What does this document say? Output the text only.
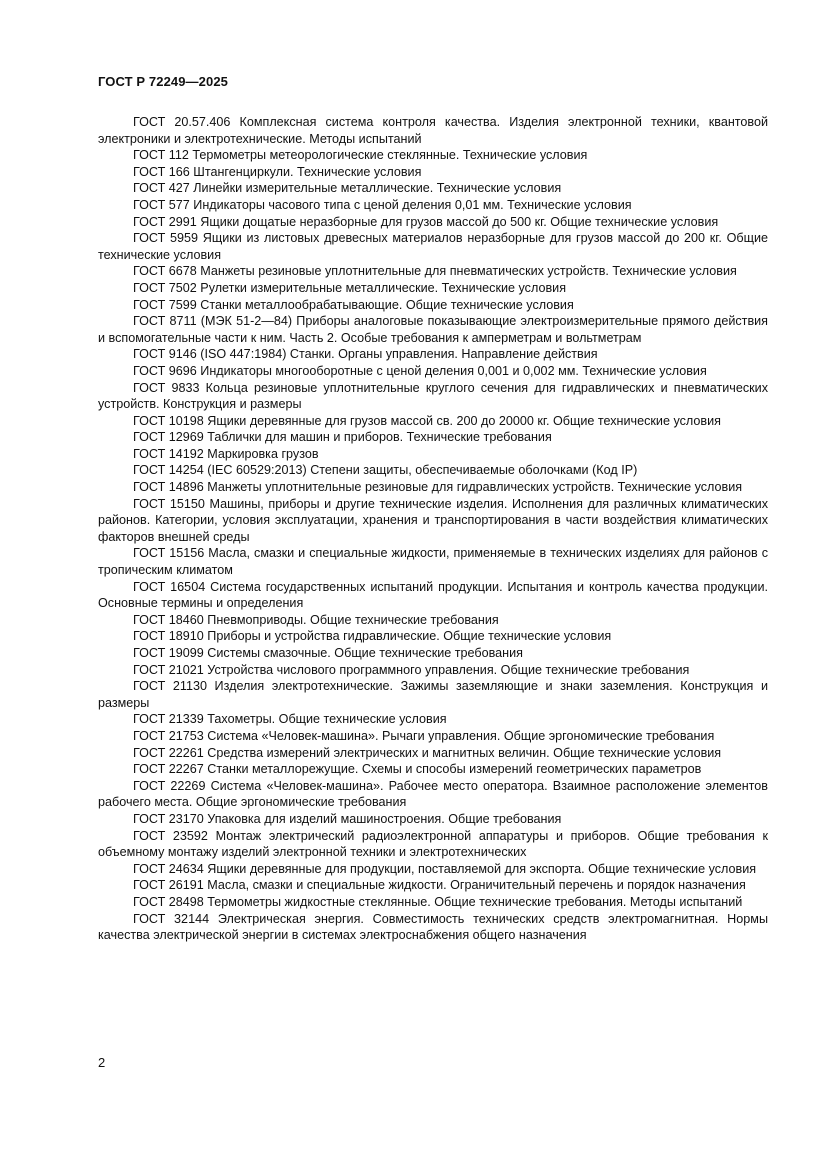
ГОСТ Р 72249—2025

ГОСТ 20.57.406 Комплексная система контроля качества. Изделия электронной техники, квантовой электроники и электротехнические. Методы испытаний

ГОСТ 112 Термометры метеорологические стеклянные. Технические условия

ГОСТ 166 Штангенциркули. Технические условия

ГОСТ 427 Линейки измерительные металлические. Технические условия

ГОСТ 577 Индикаторы часового типа с ценой деления 0,01 мм. Технические условия

ГОСТ 2991 Ящики дощатые неразборные для грузов массой до 500 кг. Общие технические условия

ГОСТ 5959 Ящики из листовых древесных материалов неразборные для грузов массой до 200 кг. Общие технические условия

ГОСТ 6678 Манжеты резиновые уплотнительные для пневматических устройств. Технические условия

ГОСТ 7502 Рулетки измерительные металлические. Технические условия

ГОСТ 7599 Станки металлообрабатывающие. Общие технические условия

ГОСТ 8711 (МЭК 51-2—84) Приборы аналоговые показывающие электроизмерительные прямого действия и вспомогательные части к ним. Часть 2. Особые требования к амперметрам и вольтметрам

ГОСТ 9146 (ISO 447:1984) Станки. Органы управления. Направление действия

ГОСТ 9696 Индикаторы многооборотные с ценой деления 0,001 и 0,002 мм. Технические условия

ГОСТ 9833 Кольца резиновые уплотнительные круглого сечения для гидравлических и пневматических устройств. Конструкция и размеры

ГОСТ 10198 Ящики деревянные для грузов массой св. 200 до 20000 кг. Общие технические условия

ГОСТ 12969 Таблички для машин и приборов. Технические требования

ГОСТ 14192 Маркировка грузов

ГОСТ 14254 (IEC 60529:2013) Степени защиты, обеспечиваемые оболочками (Код IP)

ГОСТ 14896 Манжеты уплотнительные резиновые для гидравлических устройств. Технические условия

ГОСТ 15150 Машины, приборы и другие технические изделия. Исполнения для различных климатических районов. Категории, условия эксплуатации, хранения и транспортирования в части воздействия климатических факторов внешней среды

ГОСТ 15156 Масла, смазки и специальные жидкости, применяемые в технических изделиях для районов с тропическим климатом

ГОСТ 16504 Система государственных испытаний продукции. Испытания и контроль качества продукции. Основные термины и определения

ГОСТ 18460 Пневмоприводы. Общие технические требования

ГОСТ 18910 Приборы и устройства гидравлические. Общие технические условия

ГОСТ 19099 Системы смазочные. Общие технические требования

ГОСТ 21021 Устройства числового программного управления. Общие технические требования

ГОСТ 21130 Изделия электротехнические. Зажимы заземляющие и знаки заземления. Конструкция и размеры

ГОСТ 21339 Тахометры. Общие технические условия

ГОСТ 21753 Система «Человек-машина». Рычаги управления. Общие эргономические требования

ГОСТ 22261 Средства измерений электрических и магнитных величин. Общие технические условия

ГОСТ 22267 Станки металлорежущие. Схемы и способы измерений геометрических параметров

ГОСТ 22269 Система «Человек-машина». Рабочее место оператора. Взаимное расположение элементов рабочего места. Общие эргономические требования

ГОСТ 23170 Упаковка для изделий машиностроения. Общие требования

ГОСТ 23592 Монтаж электрический радиоэлектронной аппаратуры и приборов. Общие требования к объемному монтажу изделий электронной техники и электротехнических

ГОСТ 24634 Ящики деревянные для продукции, поставляемой для экспорта. Общие технические условия

ГОСТ 26191 Масла, смазки и специальные жидкости. Ограничительный перечень и порядок назначения

ГОСТ 28498 Термометры жидкостные стеклянные. Общие технические требования. Методы испытаний

ГОСТ 32144 Электрическая энергия. Совместимость технических средств электромагнитная. Нормы качества электрической энергии в системах электроснабжения общего назначения

2
